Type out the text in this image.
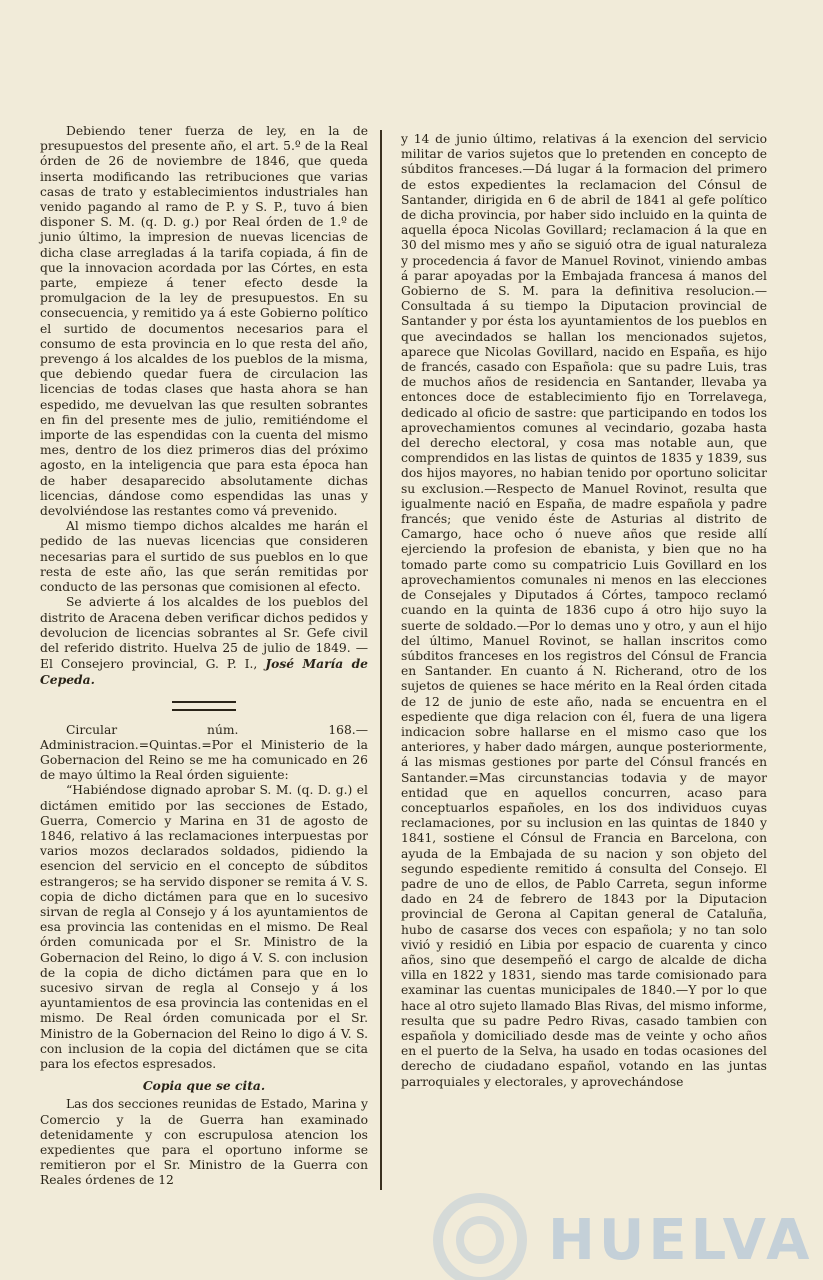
Debiendo tener fuerza de ley, en la de presupuestos del presente año, el art. 5.º de la Real órden de 26 de noviembre de 1846, que queda inserta modificando las retribuciones que varias casas de trato y establecimientos industriales han venido pagando al ramo de P. y S. P., tuvo á bien disponer S. M. (q. D. g.) por Real órden de 1.º de junio último, la impresion de nuevas licencias de dicha clase arregladas á la tarifa copiada, á fin de que la innovacion acordada por las Córtes, en esta parte, empieze á tener efecto desde la promulgacion de la ley de presupuestos. En su consecuencia, y remitido ya á este Gobierno político el surtido de documentos necesarios para el consumo de esta provincia en lo que resta del año, prevengo á los alcaldes de los pueblos de la misma, que debiendo quedar fuera de circulacion las licencias de todas clases que hasta ahora se han espedido, me devuelvan las que resulten sobrantes en fin del presente mes de julio, remitiéndome el importe de las espendidas con la cuenta del mismo mes, dentro de los diez primeros dias del próximo agosto, en la inteligencia que para esta época han de haber desaparecido absolutamente dichas licencias, dándose como espendidas las unas y devolviéndose las restantes como vá prevenido.

Al mismo tiempo dichos alcaldes me harán el pedido de las nuevas licencias que consideren necesarias para el surtido de sus pueblos en lo que resta de este año, las que serán remitidas por conducto de las personas que comisionen al efecto.

Se advierte á los alcaldes de los pueblos del distrito de Aracena deben verificar dichos pedidos y devolucion de licencias sobrantes al Sr. Gefe civil del referido distrito. Huelva 25 de julio de 1849. —El Consejero provincial, G. P. I., José María de Cepeda.

Circular núm. 168.—Administracion.=Quintas.=Por el Ministerio de la Gobernacion del Reino se me ha comunicado en 26 de mayo último la Real órden siguiente:

“Habiéndose dignado aprobar S. M. (q. D. g.) el dictámen emitido por las secciones de Estado, Guerra, Comercio y Marina en 31 de agosto de 1846, relativo á las reclamaciones interpuestas por varios mozos declarados soldados, pidiendo la esencion del servicio en el concepto de súbditos estrangeros; se ha servido disponer se remita á V. S. copia de dicho dictámen para que en lo sucesivo sirvan de regla al Consejo y á los ayuntamientos de esa provincia las contenidas en el mismo. De Real órden comunicada por el Sr. Ministro de la Gobernacion del Reino, lo digo á V. S. con inclusion de la copia de dicho dictámen para que en lo sucesivo sirvan de regla al Consejo y á los ayuntamientos de esa provincia las contenidas en el mismo. De Real órden comunicada por el Sr. Ministro de la Gobernacion del Reino lo digo á V. S. con inclusion de la copia del dictámen que se cita para los efectos espresados.

Copia que se cita.

Las dos secciones reunidas de Estado, Marina y Comercio y la de Guerra han examinado detenidamente y con escrupulosa atencion los expedientes que para el oportuno informe se remitieron por el Sr. Ministro de la Guerra con Reales órdenes de 12

y 14 de junio último, relativas á la exencion del servicio militar de varios sujetos que lo pretenden en concepto de súbditos franceses.—Dá lugar á la formacion del primero de estos expedientes la reclamacion del Cónsul de Santander, dirigida en 6 de abril de 1841 al gefe político de dicha provincia, por haber sido incluido en la quinta de aquella época Nicolas Govillard; reclamacion á la que en 30 del mismo mes y año se siguió otra de igual naturaleza y procedencia á favor de Manuel Rovinot, viniendo ambas á parar apoyadas por la Embajada francesa á manos del Gobierno de S. M. para la definitiva resolucion.—Consultada á su tiempo la Diputacion provincial de Santander y por ésta los ayuntamientos de los pueblos en que avecindados se hallan los mencionados sujetos, aparece que Nicolas Govillard, nacido en España, es hijo de francés, casado con Española: que su padre Luis, tras de muchos años de residencia en Santander, llevaba ya entonces doce de establecimiento fijo en Torrelavega, dedicado al oficio de sastre: que participando en todos los aprovechamientos comunes al vecindario, gozaba hasta del derecho electoral, y cosa mas notable aun, que comprendidos en las listas de quintos de 1835 y 1839, sus dos hijos mayores, no habian tenido por oportuno solicitar su exclusion.—Respecto de Manuel Rovinot, resulta que igualmente nació en España, de madre española y padre francés; que venido éste de Asturias al distrito de Camargo, hace ocho ó nueve años que reside allí ejerciendo la profesion de ebanista, y bien que no ha tomado parte como su compatricio Luis Govillard en los aprovechamientos comunales ni menos en las elecciones de Consejales y Diputados á Córtes, tampoco reclamó cuando en la quinta de 1836 cupo á otro hijo suyo la suerte de soldado.—Por lo demas uno y otro, y aun el hijo del último, Manuel Rovinot, se hallan inscritos como súbditos franceses en los registros del Cónsul de Francia en Santander. En cuanto á N. Richerand, otro de los sujetos de quienes se hace mérito en la Real órden citada de 12 de junio de este año, nada se encuentra en el espediente que diga relacion con él, fuera de una ligera indicacion sobre hallarse en el mismo caso que los anteriores, y haber dado márgen, aunque posteriormente, á las mismas gestiones por parte del Cónsul francés en Santander.=Mas circunstancias todavia y de mayor entidad que en aquellos concurren, acaso para conceptuarlos españoles, en los dos individuos cuyas reclamaciones, por su inclusion en las quintas de 1840 y 1841, sostiene el Cónsul de Francia en Barcelona, con ayuda de la Embajada de su nacion y son objeto del segundo espediente remitido á consulta del Consejo. El padre de uno de ellos, de Pablo Carreta, segun informe dado en 24 de febrero de 1843 por la Diputacion provincial de Gerona al Capitan general de Cataluña, hubo de casarse dos veces con española; y no tan solo vivió y residió en Libia por espacio de cuarenta y cinco años, sino que desempeñó el cargo de alcalde de dicha villa en 1822 y 1831, siendo mas tarde comisionado para examinar las cuentas municipales de 1840.—Y por lo que hace al otro sujeto llamado Blas Rivas, del mismo informe, resulta que su padre Pedro Rivas, casado tambien con española y domiciliado desde mas de veinte y ocho años en el puerto de la Selva, ha usado en todas ocasiones del derecho de ciudadano español, votando en las juntas parroquiales y electorales, y aprovechándose

HUELVA
